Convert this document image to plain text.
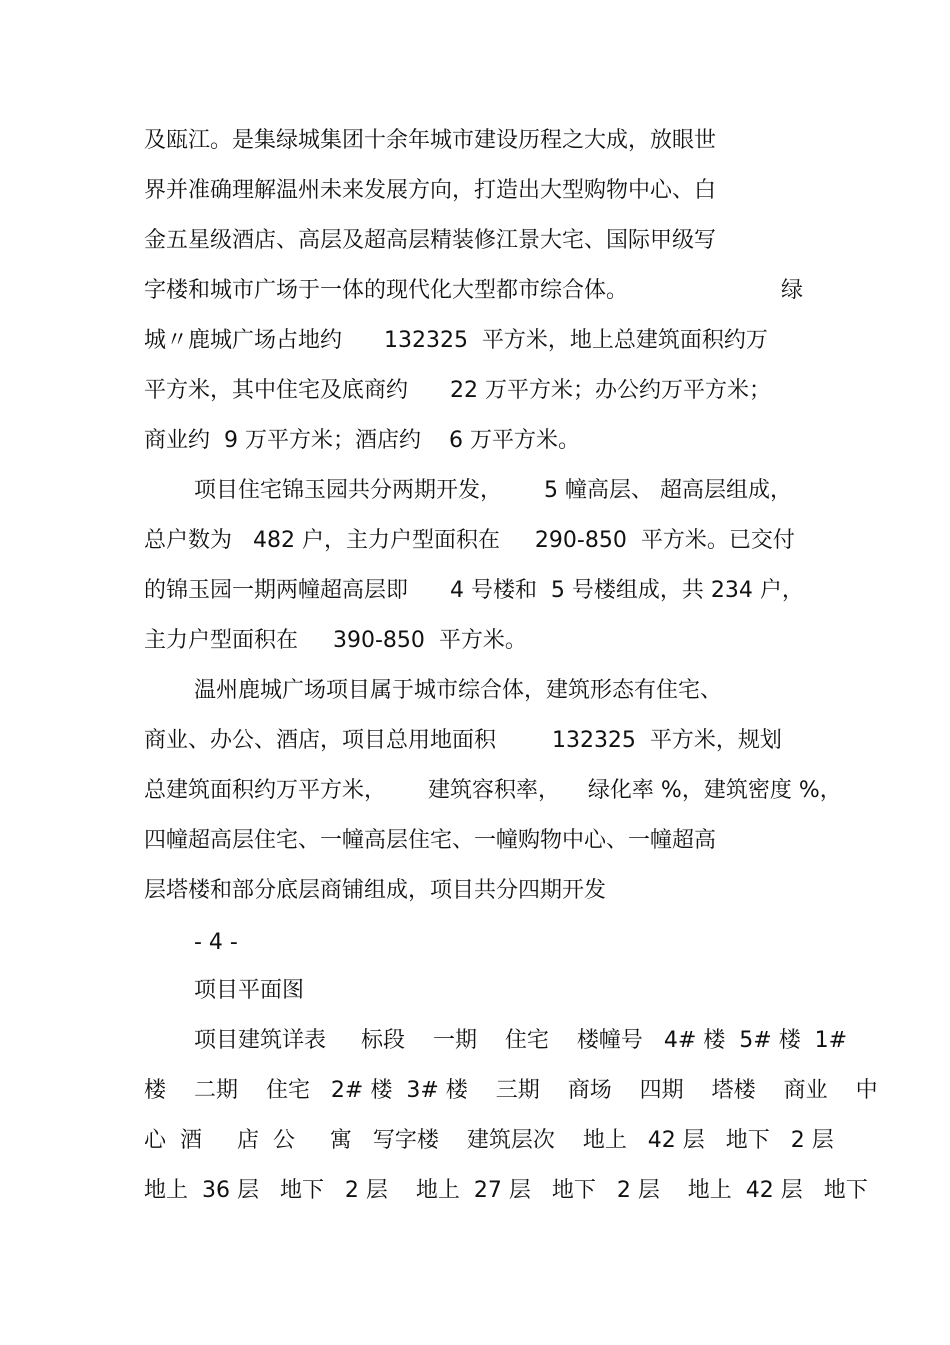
及瓯江。是集绿城集团十余年城市建设历程之大成，放眼世
界并准确理解温州未来发展方向，打造出大型购物中心、白
金五星级酒店、高层及超高层精装修江景大宅、国际甲级写
字楼和城市广场于一体的现代化大型都市综合体。	绿
城〃鹿城广场占地约      132325  平方米，地上总建筑面积约万
平方米，其中住宅及底商约      22 万平方米；办公约万平方米；
商业约  9 万平方米；酒店约    6 万平方米。
项目住宅锦玉园共分两期开发，      5 幢高层、 超高层组成，
总户数为   482 户，主力户型面积在     290-850  平方米。已交付
的锦玉园一期两幢超高层即      4 号楼和  5 号楼组成，共 234 户，
主力户型面积在     390-850  平方米。
温州鹿城广场项目属于城市综合体，建筑形态有住宅、
商业、办公、酒店，项目总用地面积        132325  平方米，规划
总建筑面积约万平方米，      建筑容积率，    绿化率 %，建筑密度 %，
四幢超高层住宅、一幢高层住宅、一幢购物中心、一幢超高
层塔楼和部分底层商铺组成，项目共分四期开发
- 4 -
项目平面图
项目建筑详表     标段    一期    住宅    楼幢号   4# 楼  5# 楼  1#
楼    二期    住宅   2# 楼  3# 楼    三期    商场    四期    塔楼    商业    中
心  酒     店  公     寓   写字楼    建筑层次    地上   42 层   地下   2 层
地上  36 层   地下   2 层    地上  27 层   地下   2 层    地上  42 层   地下
